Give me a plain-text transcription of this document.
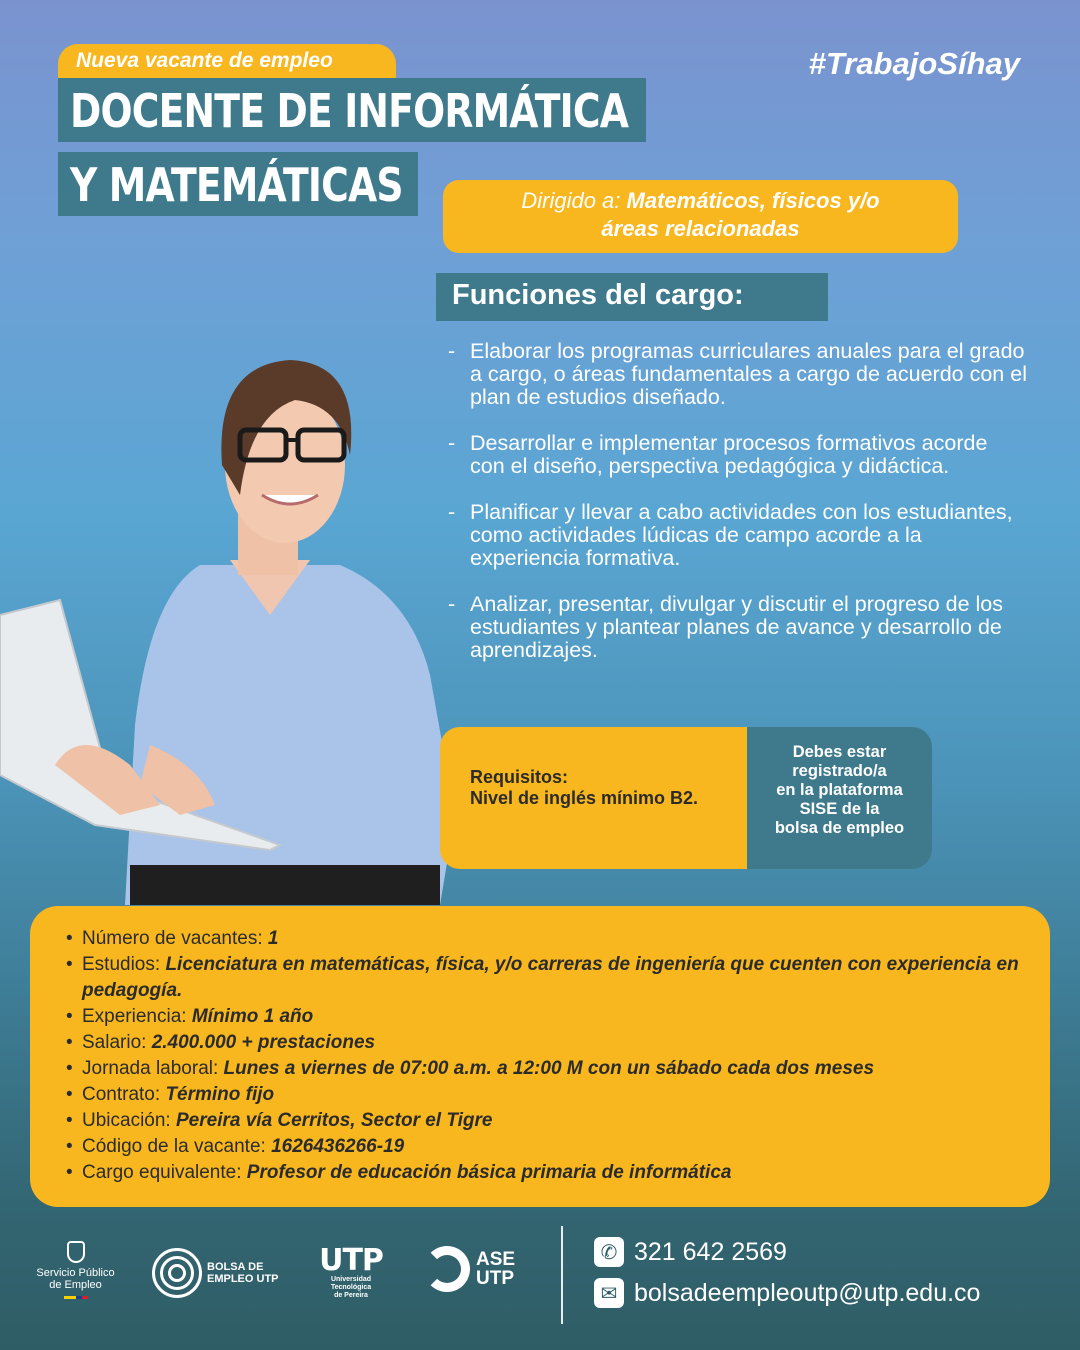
Nueva vacante de empleo	#TrabajoSíhay
DOCENTE DE INFORMÁTICA
Y MATEMÁTICAS	Dirigido a: Matemáticos, físicos y/o
áreas relacionadas
Funciones del cargo:
- Elaborar los programas curriculares anuales para el grado a cargo, o áreas fundamentales a cargo de acuerdo con el plan de estudios diseñado.
- Desarrollar e implementar procesos formativos acorde con el diseño, perspectiva pedagógica y didáctica.
- Planificar y llevar a cabo actividades con los estudiantes, como actividades lúdicas de campo acorde a la experiencia formativa.
- Analizar, presentar, divulgar y discutir el progreso de los estudiantes y plantear planes de avance y desarrollo de aprendizajes.
Requisitos:
Nivel de inglés mínimo B2.
Debes estar
registrado/a
en la plataforma
SISE de la
bolsa de empleo
• Número de vacantes: 1
• Estudios: Licenciatura en matemáticas, física, y/o carreras de ingeniería que cuenten con experiencia en pedagogía.
• Experiencia: Mínimo 1 año
• Salario: 2.400.000 + prestaciones
• Jornada laboral: Lunes a viernes de 07:00 a.m. a 12:00 M con un sábado cada dos meses
• Contrato: Término fijo
• Ubicación: Pereira vía Cerritos, Sector el Tigre
• Código de la vacante: 1626436266-19
• Cargo equivalente: Profesor de educación básica primaria de informática
Servicio Público
de Empleo
BOLSA DE
EMPLEO UTP
UTP
Universidad Tecnológica
de Pereira
ASE
UTP
✆ 321 642 2569
✉ bolsadeempleoutp@utp.edu.co
